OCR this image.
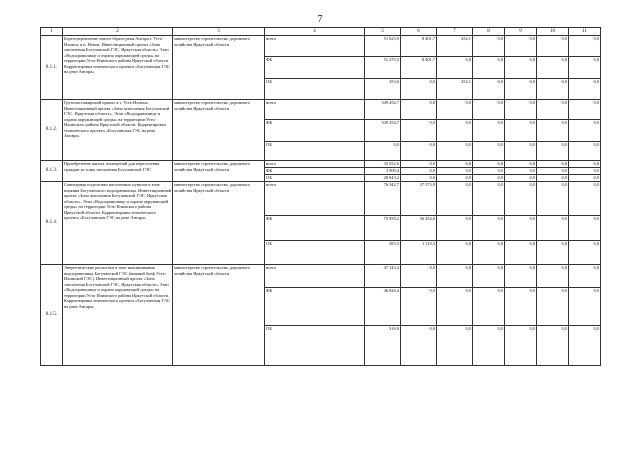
7
1	2	3	4	5	6	7	8	9	10	11
8.1.1.	Берегоукрепление левого берега реки Ангара г. Усть-Илимск и п. Невон. Инвестиционный проект «Зона затопления Богучанской ГЭС. Иркутская область» Этап «Водохранилище и охрана окружающей среды» на территории Усть-Илимского района Иркутской области. Корректировка технического проекта «Богучанская ГЭС на реке Ангара»	министерство строительства, дорожного хозяйства Иркутской области	всего	51 623,9	8 401,7	252,1	0,0	0,0	0,0	0,0
			ФБ	51 270,3	8 401,7	0,0	0,0	0,0	0,0	0,0
			ОБ	353,6	0,0	252,1	0,0	0,0	0,0	0,0
8.1.2.	Грузопассажирский причал в г. Усть-Илимск. Инвестиционный проект «Зона затопления Богучанской ГЭС. Иркутская область». Этап «Водохранилище и охрана окружающей среды» на территории Усть-Илимского района Иркутской области. Корректировка технического проекта «Богучанская ГЭС на реке Ангара»	министерство строительства, дорожного хозяйства Иркутской области	всего	549 454,7	0,0	0,0	0,0	0,0	0,0	0,0
			ФБ	549 454,7	0,0	0,0	0,0	0,0	0,0	0,0
			ОБ	0,0	0,0	0,0	0,0	0,0	0,0	0,0
8.1.3.	Приобретение жилых помещений для переселения граждан из зоны затопления Богучанской ГЭС	министерство строительства, дорожного хозяйства Иркутской области	всего	32 552,6	0,0	0,0	0,0	0,0	0,0	0,0
			ФБ	3 909,4	0,0	0,0	0,0	0,0	0,0	0,0
			ОБ	28 643,2	0,0	0,0	0,0	0,0	0,0	0,0
8.1.4.	Санитарная подготовка населенных пунктов в зоне влияния Богучанского водохранилища. Инвестиционный проект «Зона затопления Богучанской ГЭС. Иркутская область». Этап «Водохранилище и охрана окружающей среды» на территории Усть-Илимского района Иркутской области. Корректировка технического проекта «Богучанская ГЭС на реке Ангара»	министерство строительства, дорожного хозяйства Иркутской области	всего	76 342,7	37 573,9	0,0	0,0	0,0	0,0	0,0
			ФБ	75 959,2	36 454,6	0,0	0,0	0,0	0,0	0,0
			ОБ	383,5	1 119,3	0,0	0,0	0,0	0,0	0,0
8.1.5.	Энергетические расчистки в зоне выклинивания водохранилища Богучанской ГЭС (нижний бьеф Усть-Илимской ГЭС). Инвестиционный проект «Зона затопления Богучанской ГЭС. Иркутская область» Этап «Водохранилище и охрана окружающей среды» на территории Усть-Илимского района Иркутской области. Корректировка технического проекта «Богучанская ГЭС на реке Ангара»	министерство строительства, дорожного хозяйства Иркутской области	всего	47 143,3	0,0	0,0	0,0	0,0	0,0	0,0
			ФБ	46 826,4	0,0	0,0	0,0	0,0	0,0	0,0
			ОБ	316,9	0,0	0,0	0,0	0,0	0,0	0,0
